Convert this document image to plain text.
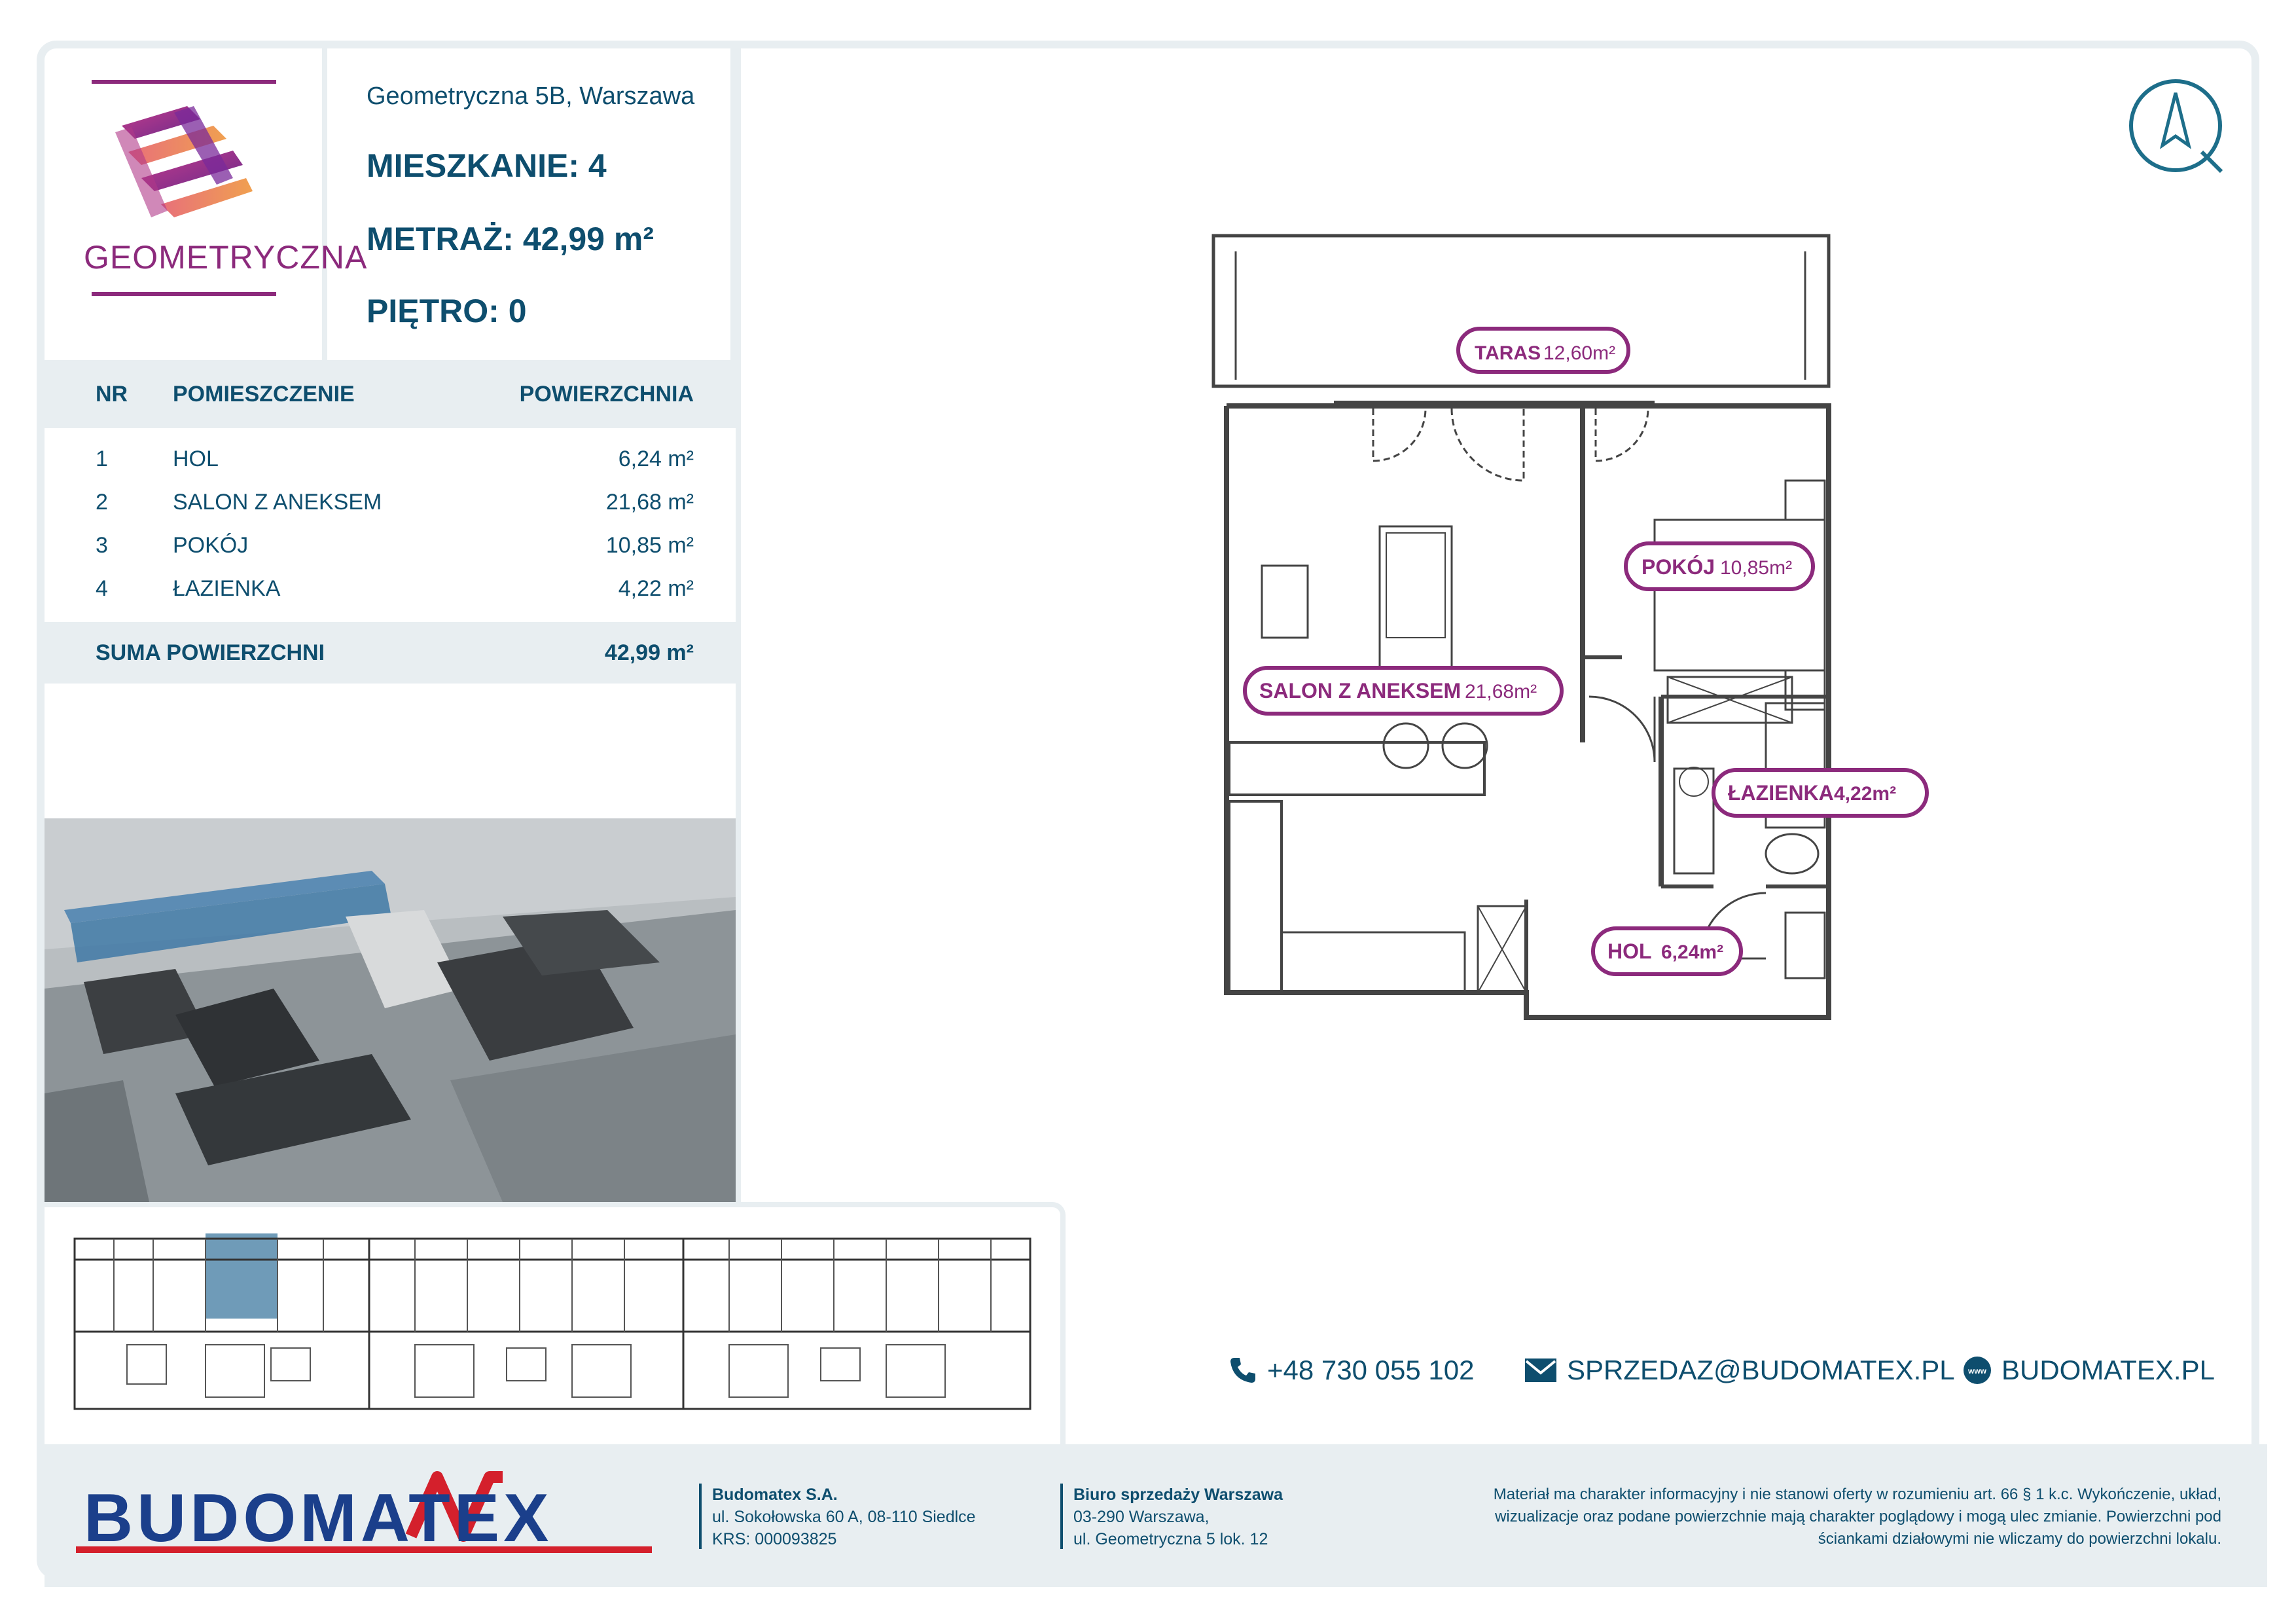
GEOMETRYCZNA
Geometryczna 5B, Warszawa
MIESZKANIE: 4
METRAŻ: 42,99 m²
PIĘTRO: 0
NR	POMIESZCZENIE	POWIERZCHNIA
1	HOL	6,24 m²
2	SALON Z ANEKSEM	21,68 m²
3	POKÓJ	10,85 m²
4	ŁAZIENKA	4,22 m²
SUMA POWIERZCHNI	42,99 m²
TARAS 12,60m²
POKÓJ 10,85m²
SALON Z ANEKSEM 21,68m²
ŁAZIENKA 4,22m²
HOL 6,24m²
+48 730 055 102	SPRZEDAZ@BUDOMATEX.PL www BUDOMATEX.PL
BUDOMATEX	Budomatex S.A.
ul. Sokołowska 60 A, 08-110 Siedlce
KRS: 000093825
Biuro sprzedaży Warszawa
03-290 Warszawa,
ul. Geometryczna 5 lok. 12
Materiał ma charakter informacyjny i nie stanowi oferty w rozumieniu art. 66 § 1 k.c. Wykończenie, układ,
wizualizacje oraz podane powierzchnie mają charakter poglądowy i mogą ulec zmianie. Powierzchni pod
ściankami działowymi nie wliczamy do powierzchni lokalu.
